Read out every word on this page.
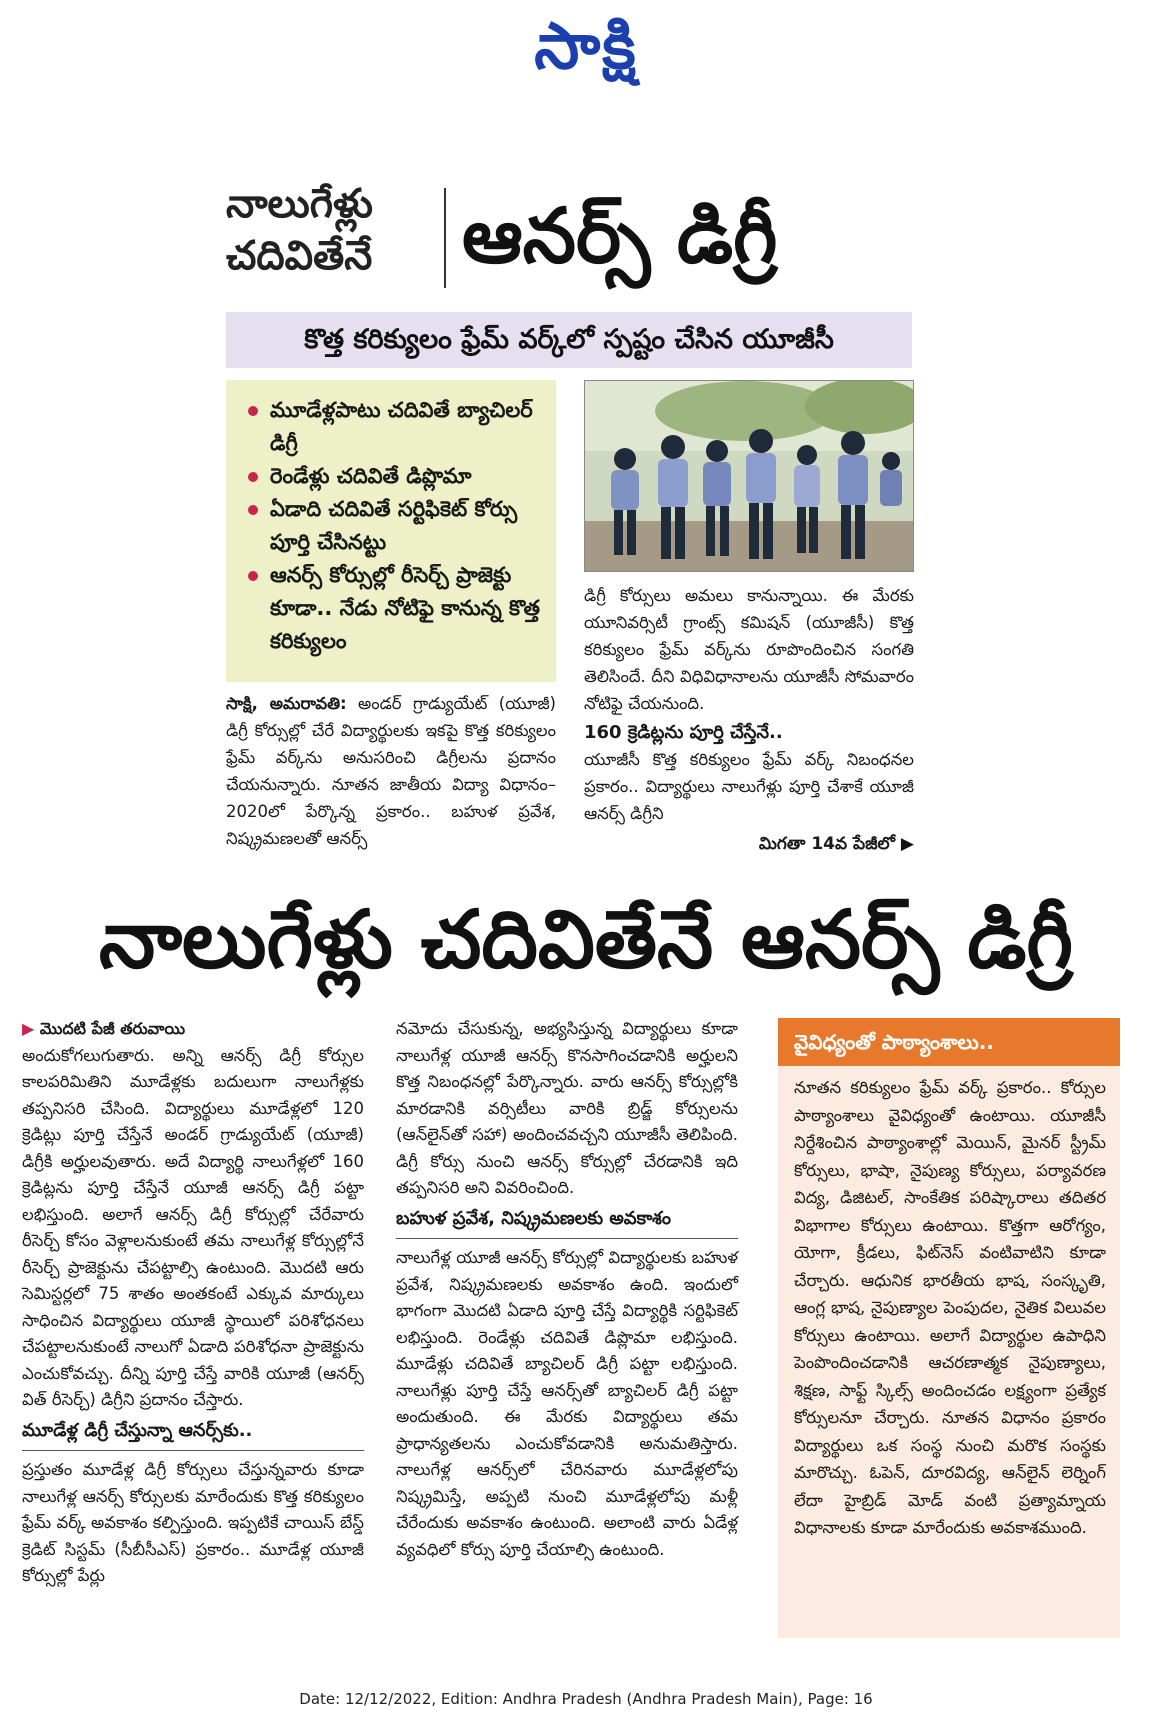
సాక్షి
నాలుగేళ్లు
చదివితేనే	ఆనర్స్ డిగ్రీ
కొత్త కరిక్యులం ఫ్రేమ్ వర్క్‌లో స్పష్టం చేసిన యూజీసీ
మూడేళ్లపాటు చదివితే బ్యాచిలర్ డిగ్రీ
రెండేళ్లు చదివితే డిప్లొమా
ఏడాది చదివితే సర్టిఫికెట్ కోర్సు పూర్తి చేసినట్టు
ఆనర్స్ కోర్సుల్లో రీసెర్చ్ ప్రాజెక్టు కూడా.. నేడు నోటిఫై కానున్న కొత్త కరిక్యులం
సాక్షి, అమరావతి: అండర్ గ్రాడ్యుయేట్ (యూజీ) డిగ్రీ కోర్సుల్లో చేరే విద్యార్థులకు ఇకపై కొత్త కరిక్యులం ఫ్రేమ్ వర్క్‌ను అనుసరించి డిగ్రీలను ప్రదానం చేయనున్నారు. నూతన జాతీయ విద్యా విధానం–2020లో పేర్కొన్న ప్రకారం.. బహుళ ప్రవేశ, నిష్క్రమణలతో ఆనర్స్
డిగ్రీ కోర్సులు అమలు కానున్నాయి. ఈ మేరకు యూనివర్సిటీ గ్రాంట్స్ కమిషన్ (యూజీసీ) కొత్త కరిక్యులం ఫ్రేమ్ వర్క్‌ను రూపొందించిన సంగతి తెలిసిందే. దీని విధివిధానాలను యూజీసీ సోమవారం నోటిఫై చేయనుంది.
160 క్రెడిట్లను పూర్తి చేస్తేనే..
యూజీసీ కొత్త కరిక్యులం ఫ్రేమ్ వర్క్ నిబంధనల ప్రకారం.. విద్యార్థులు నాలుగేళ్లు పూర్తి చేశాకే యూజీ ఆనర్స్ డిగ్రీని
మిగతా 14వ పేజీలో ▶
నాలుగేళ్లు చదివితేనే ఆనర్స్ డిగ్రీ
▶ మొదటి పేజీ తరువాయి
అందుకోగలుగుతారు. అన్ని ఆనర్స్ డిగ్రీ కోర్సుల కాలపరిమితిని మూడేళ్లకు బదులుగా నాలుగేళ్లకు తప్పనిసరి చేసింది. విద్యార్థులు మూడేళ్లలో 120 క్రెడిట్లు పూర్తి చేస్తేనే అండర్ గ్రాడ్యుయేట్ (యూజీ) డిగ్రీకి అర్హులవుతారు. అదే విద్యార్థి నాలుగేళ్లలో 160 క్రెడిట్లను పూర్తి చేస్తేనే యూజీ ఆనర్స్ డిగ్రీ పట్టా లభిస్తుంది. అలాగే ఆనర్స్ డిగ్రీ కోర్సుల్లో చేరేవారు రీసెర్చ్ కోసం వెళ్లాలనుకుంటే తమ నాలుగేళ్ల కోర్సుల్లోనే రీసెర్చ్ ప్రాజెక్టును చేపట్టాల్సి ఉంటుంది. మొదటి ఆరు సెమిస్టర్లలో 75 శాతం అంతకంటే ఎక్కువ మార్కులు సాధించిన విద్యార్థులు యూజీ స్థాయిలో పరిశోధనలు చేపట్టాలనుకుంటే నాలుగో ఏడాది పరిశోధనా ప్రాజెక్టును ఎంచుకోవచ్చు. దీన్ని పూర్తి చేస్తే వారికి యూజీ (ఆనర్స్ విత్ రీసెర్చ్) డిగ్రీని ప్రదానం చేస్తారు.
మూడేళ్ల డిగ్రీ చేస్తున్నా ఆనర్స్‌కు..
ప్రస్తుతం మూడేళ్ల డిగ్రీ కోర్సులు చేస్తున్నవారు కూడా నాలుగేళ్ల ఆనర్స్ కోర్సులకు మారేందుకు కొత్త కరిక్యులం ఫ్రేమ్ వర్క్ అవకాశం కల్పిస్తుంది. ఇప్పటికే చాయిస్ బేస్డ్ క్రెడిట్ సిస్టమ్ (సీబీసీఎస్) ప్రకారం.. మూడేళ్ల యూజీ కోర్సుల్లో పేర్లు
నమోదు చేసుకున్న, అభ్యసిస్తున్న విద్యార్థులు కూడా నాలుగేళ్ల యూజీ ఆనర్స్ కొనసాగించడానికి అర్హులని కొత్త నిబంధనల్లో పేర్కొన్నారు. వారు ఆనర్స్ కోర్సుల్లోకి మారడానికి వర్సిటీలు వారికి బ్రిడ్జ్ కోర్సులను (ఆన్‌లైన్‌తో సహా) అందించవచ్చని యూజీసీ తెలిపింది. డిగ్రీ కోర్సు నుంచి ఆనర్స్ కోర్సుల్లో చేరడానికి ఇది తప్పనిసరి అని వివరించింది.
బహుళ ప్రవేశ, నిష్క్రమణలకు అవకాశం
నాలుగేళ్ల యూజీ ఆనర్స్ కోర్సుల్లో విద్యార్థులకు బహుళ ప్రవేశ, నిష్క్రమణలకు అవకాశం ఉంది. ఇందులో భాగంగా మొదటి ఏడాది పూర్తి చేస్తే విద్యార్థికి సర్టిఫికెట్ లభిస్తుంది. రెండేళ్లు చదివితే డిప్లొమా లభిస్తుంది. మూడేళ్లు చదివితే బ్యాచిలర్ డిగ్రీ పట్టా లభిస్తుంది. నాలుగేళ్లు పూర్తి చేస్తే ఆనర్స్‌తో బ్యాచిలర్ డిగ్రీ పట్టా అందుతుంది. ఈ మేరకు విద్యార్థులు తమ ప్రాధాన్యతలను ఎంచుకోవడానికి అనుమతిస్తారు. నాలుగేళ్ల ఆనర్స్‌లో చేరినవారు మూడేళ్లలోపు నిష్క్రమిస్తే, అప్పటి నుంచి మూడేళ్లలోపు మళ్లీ చేరేందుకు అవకాశం ఉంటుంది. అలాంటి వారు ఏడేళ్ల వ్యవధిలో కోర్సు పూర్తి చేయాల్సి ఉంటుంది.
వైవిధ్యంతో పాఠ్యాంశాలు..
నూతన కరిక్యులం ఫ్రేమ్ వర్క్ ప్రకారం.. కోర్సుల పాఠ్యాంశాలు వైవిధ్యంతో ఉంటాయి. యూజీసీ నిర్దేశించిన పాఠ్యాంశాల్లో మెయిన్, మైనర్ స్ట్రీమ్ కోర్సులు, భాషా, నైపుణ్య కోర్సులు, పర్యావరణ విద్య, డిజిటల్, సాంకేతిక పరిష్కారాలు తదితర విభాగాల కోర్సులు ఉంటాయి. కొత్తగా ఆరోగ్యం, యోగా, క్రీడలు, ఫిట్‌నెస్ వంటివాటిని కూడా చేర్చారు. ఆధునిక భారతీయ భాష, సంస్కృతి, ఆంగ్ల భాష, నైపుణ్యాల పెంపుదల, నైతిక విలువల కోర్సులు ఉంటాయి. అలాగే విద్యార్థుల ఉపాధిని పెంపొందించడానికి ఆచరణాత్మక నైపుణ్యాలు, శిక్షణ, సాఫ్ట్ స్కిల్స్ అందించడం లక్ష్యంగా ప్రత్యేక కోర్సులనూ చేర్చారు. నూతన విధానం ప్రకారం విద్యార్థులు ఒక సంస్థ నుంచి మరొక సంస్థకు మారొచ్చు. ఓపెన్, దూరవిద్య, ఆన్‌లైన్ లెర్నింగ్ లేదా హైబ్రిడ్ మోడ్ వంటి ప్రత్యామ్నాయ విధానాలకు కూడా మారేందుకు అవకాశముంది.
Date: 12/12/2022, Edition: Andhra Pradesh (Andhra Pradesh Main), Page: 16
